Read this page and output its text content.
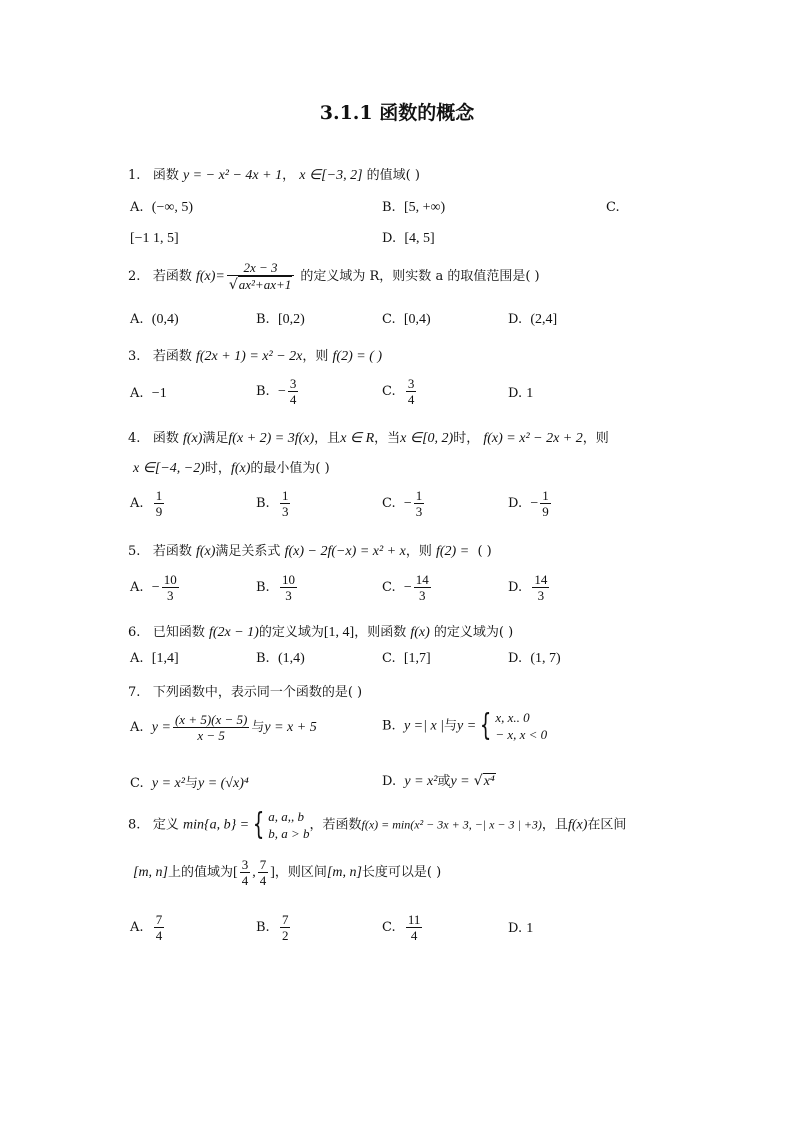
3.1.1 函数的概念
1. 函数 y = − x² − 4x + 1， x ∈[−3, 2] 的值域( )
A. (−∞, 5)	B. [5, +∞)	C.
[−1 1, 5]	D. [4, 5]
2. 若函数 $f(x)= \frac{2x - 3}{\text{√ax²+ax+1}}$ 的定义域为 R，则实数 a 的取值范围是( )
A. (0,4)	B. [0,2)	C. [0,4)	D. (2,4]
3. 若函数 f(2x + 1) = x² − 2x，则 f(2) = ( )
A. −1	B. − $\frac{3}{4}$	C. $\frac{3}{4}$	D. 1
4. 函数 f(x)满足f(x + 2) = 3f(x)，且x ∈ R，当x ∈[0, 2)时， f(x) = x² − 2x + 2，则
x ∈[−4, −2)时，f(x)的最小值为( )
A. $\frac{1}{9}$	B. $\frac{1}{3}$	C. − $\frac{1}{3}$	D. − $\frac{1}{9}$
5. 若函数 f(x)满足关系式 f(x) − 2f(−x) = x² + x，则 f(2) = ( )
A. − $\frac{10}{3}$	B. $\frac{10}{3}$	C. − $\frac{14}{3}$	D. $\frac{14}{3}$
6. 已知函数 f(2x − 1)的定义域为[1, 4]，则函数 f(x) 的定义域为( )
A. [1,4]	B. (1,4)	C. [1,7]	D. (1, 7)
7. 下列函数中，表示同一个函数的是( )
A. $y = \frac{(x + 5)(x - 5)}{x - 5}$ 与y = x + 5	B. y =| x |与y = { x, x.. 0
− x, x < 0
C. y = x²与y = (√x)⁴	D. y = x²或y = √x⁴
8. 定义 min{a, b} = { a, a,, b
b, a > b
，若函数f(x) = min(x² − 3x + 3, −| x − 3 | +3)，且f(x)在区间
[m, n]上的值域为[ $\frac{3}{4}$ , $\frac{7}{4}$ ]，则区间[m, n]长度可以是( )
A. $\frac{7}{4}$	B. $\frac{7}{2}$	C. $\frac{11}{4}$	D. 1
